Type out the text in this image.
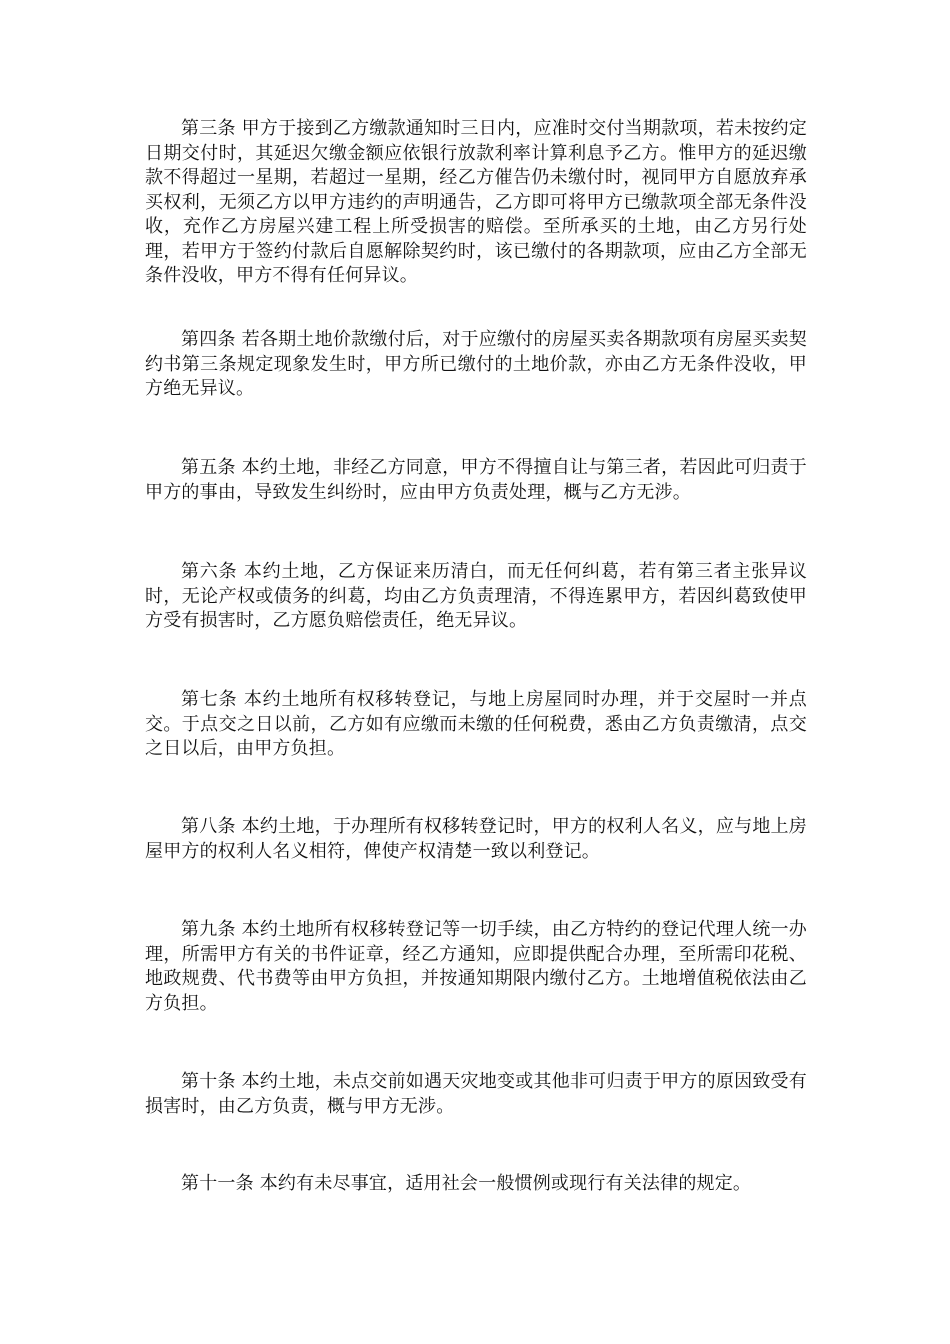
第三条 甲方于接到乙方缴款通知时三日内，应准时交付当期款项，若未按约定日期交付时，其延迟欠缴金额应依银行放款利率计算利息予乙方。惟甲方的延迟缴款不得超过一星期，若超过一星期，经乙方催告仍未缴付时，视同甲方自愿放弃承买权利，无须乙方以甲方违约的声明通告，乙方即可将甲方已缴款项全部无条件没收，充作乙方房屋兴建工程上所受损害的赔偿。至所承买的土地，由乙方另行处理，若甲方于签约付款后自愿解除契约时，该已缴付的各期款项，应由乙方全部无条件没收，甲方不得有任何异议。

第四条 若各期土地价款缴付后，对于应缴付的房屋买卖各期款项有房屋买卖契约书第三条规定现象发生时，甲方所已缴付的土地价款，亦由乙方无条件没收，甲方绝无异议。

第五条 本约土地，非经乙方同意，甲方不得擅自让与第三者，若因此可归责于甲方的事由，导致发生纠纷时，应由甲方负责处理，概与乙方无涉。

第六条 本约土地，乙方保证来历清白，而无任何纠葛，若有第三者主张异议时，无论产权或债务的纠葛，均由乙方负责理清，不得连累甲方，若因纠葛致使甲方受有损害时，乙方愿负赔偿责任，绝无异议。

第七条 本约土地所有权移转登记，与地上房屋同时办理，并于交屋时一并点交。于点交之日以前，乙方如有应缴而未缴的任何税费，悉由乙方负责缴清，点交之日以后，由甲方负担。

第八条 本约土地，于办理所有权移转登记时，甲方的权利人名义，应与地上房屋甲方的权利人名义相符，俾使产权清楚一致以利登记。

第九条 本约土地所有权移转登记等一切手续，由乙方特约的登记代理人统一办理，所需甲方有关的书件证章，经乙方通知，应即提供配合办理，至所需印花税、地政规费、代书费等由甲方负担，并按通知期限内缴付乙方。土地增值税依法由乙方负担。

第十条 本约土地，未点交前如遇天灾地变或其他非可归责于甲方的原因致受有损害时，由乙方负责，概与甲方无涉。

第十一条 本约有未尽事宜，适用社会一般惯例或现行有关法律的规定。
